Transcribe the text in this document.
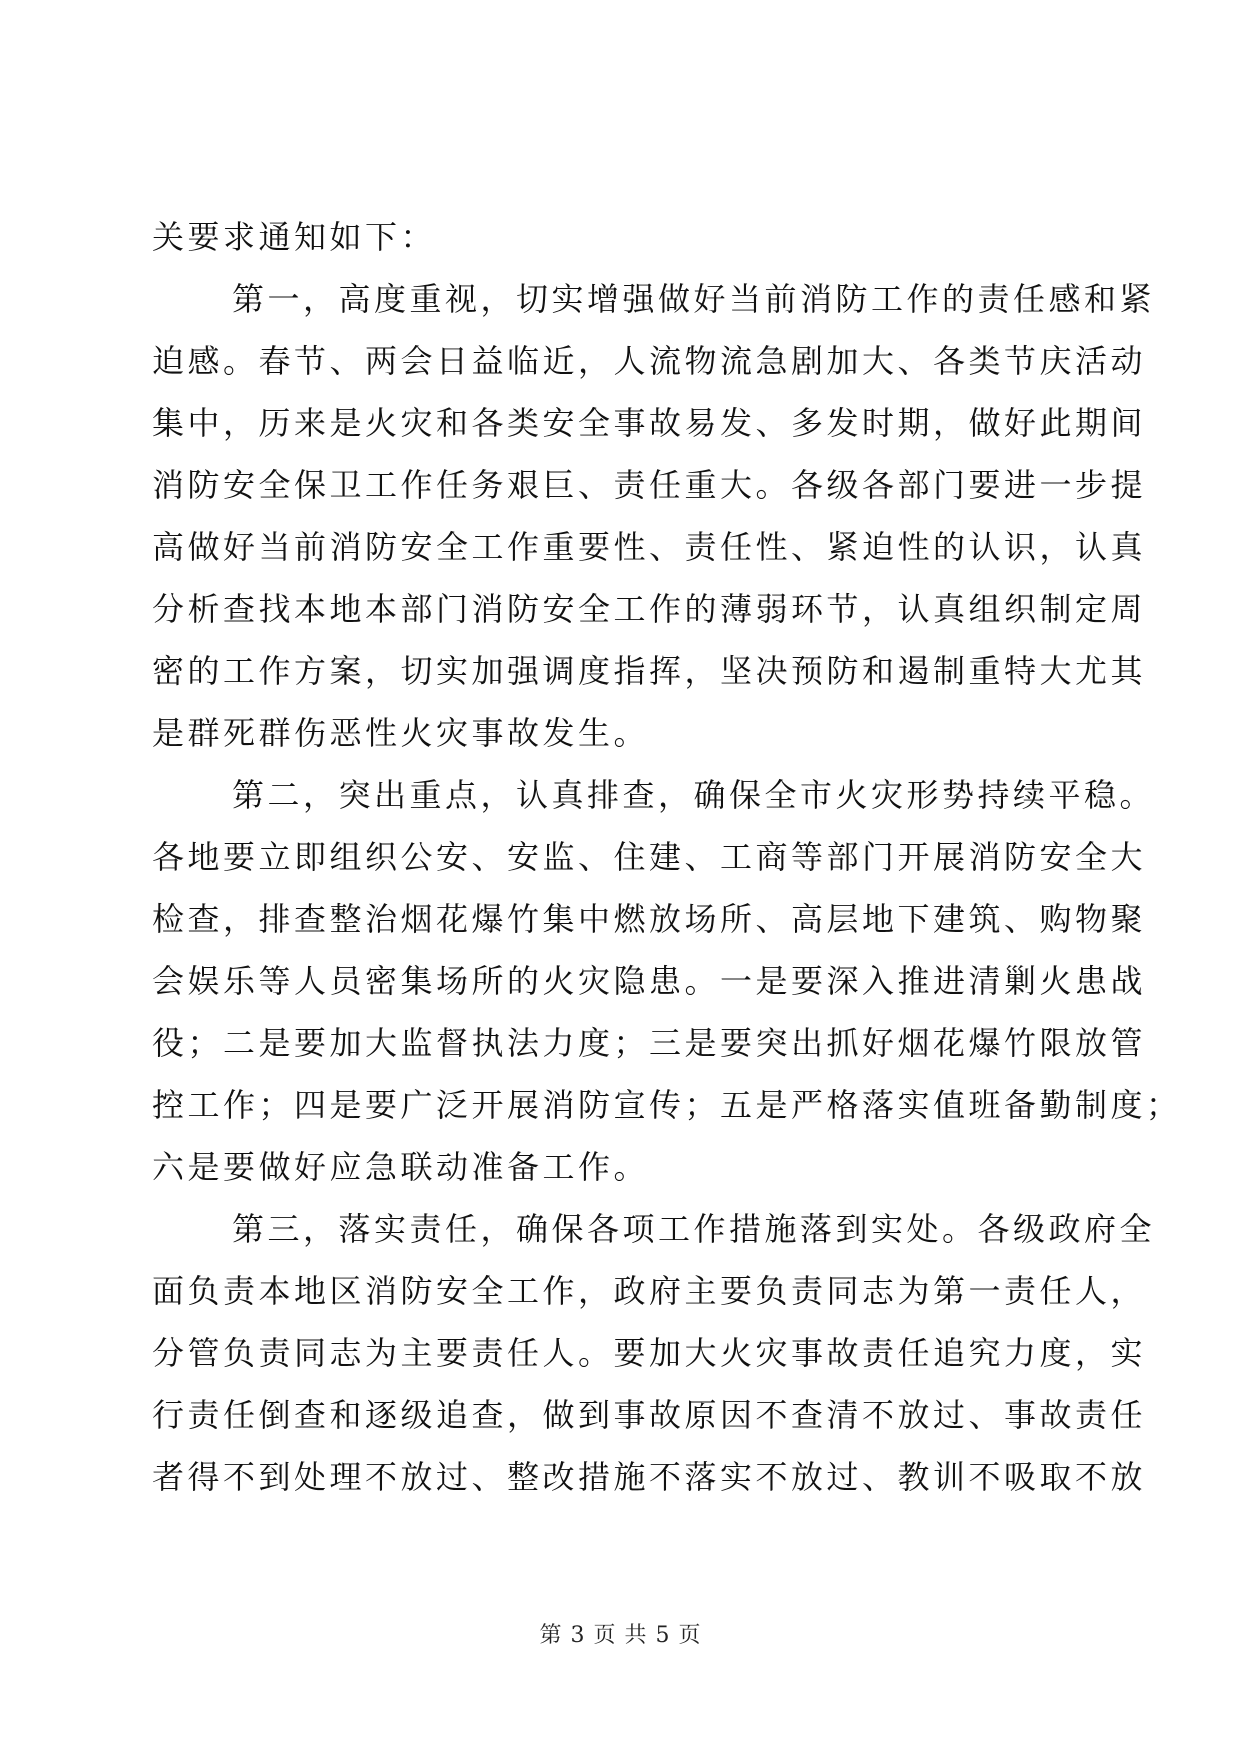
关要求通知如下：
第一，高度重视，切实增强做好当前消防工作的责任感和紧
迫感。春节、两会日益临近，人流物流急剧加大、各类节庆活动
集中，历来是火灾和各类安全事故易发、多发时期，做好此期间
消防安全保卫工作任务艰巨、责任重大。各级各部门要进一步提
高做好当前消防安全工作重要性、责任性、紧迫性的认识，认真
分析查找本地本部门消防安全工作的薄弱环节，认真组织制定周
密的工作方案，切实加强调度指挥，坚决预防和遏制重特大尤其
是群死群伤恶性火灾事故发生。
第二，突出重点，认真排查，确保全市火灾形势持续平稳。
各地要立即组织公安、安监、住建、工商等部门开展消防安全大
检查，排查整治烟花爆竹集中燃放场所、高层地下建筑、购物聚
会娱乐等人员密集场所的火灾隐患。一是要深入推进清剿火患战
役；二是要加大监督执法力度；三是要突出抓好烟花爆竹限放管
控工作；四是要广泛开展消防宣传；五是严格落实值班备勤制度；
六是要做好应急联动准备工作。
第三，落实责任，确保各项工作措施落到实处。各级政府全
面负责本地区消防安全工作，政府主要负责同志为第一责任人，
分管负责同志为主要责任人。要加大火灾事故责任追究力度，实
行责任倒查和逐级追查，做到事故原因不查清不放过、事故责任
者得不到处理不放过、整改措施不落实不放过、教训不吸取不放
第 3 页 共 5 页
